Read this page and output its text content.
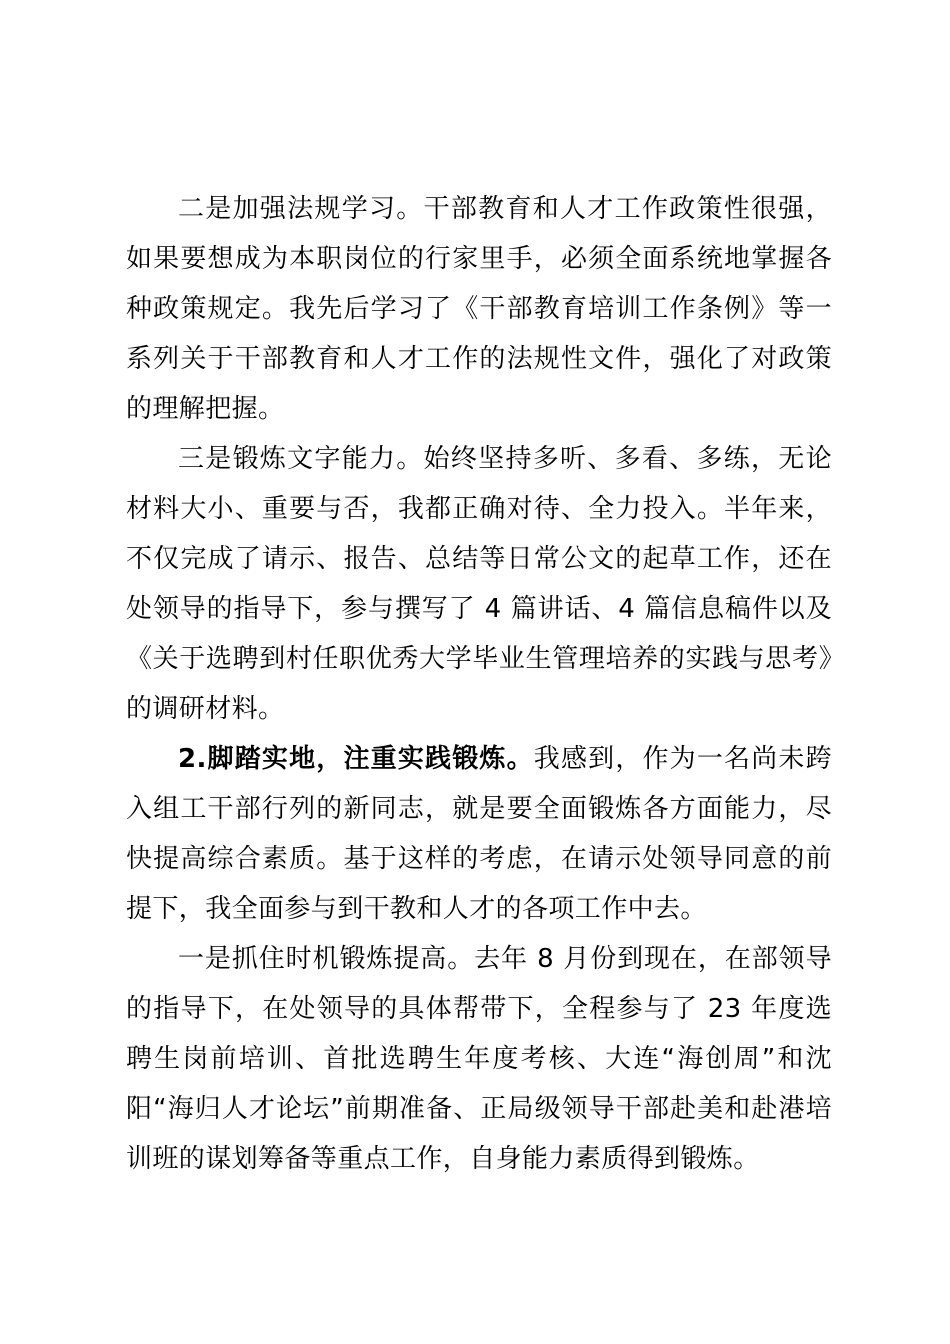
二是加强法规学习。干部教育和人才工作政策性很强，如果要想成为本职岗位的行家里手，必须全面系统地掌握各种政策规定。我先后学习了《干部教育培训工作条例》等一系列关于干部教育和人才工作的法规性文件，强化了对政策的理解把握。

三是锻炼文字能力。始终坚持多听、多看、多练，无论材料大小、重要与否，我都正确对待、全力投入。半年来，不仅完成了请示、报告、总结等日常公文的起草工作，还在处领导的指导下，参与撰写了 4 篇讲话、4 篇信息稿件以及《关于选聘到村任职优秀大学毕业生管理培养的实践与思考》的调研材料。

2.脚踏实地，注重实践锻炼。我感到，作为一名尚未跨入组工干部行列的新同志，就是要全面锻炼各方面能力，尽快提高综合素质。基于这样的考虑，在请示处领导同意的前提下，我全面参与到干教和人才的各项工作中去。

一是抓住时机锻炼提高。去年 8 月份到现在，在部领导的指导下，在处领导的具体帮带下，全程参与了 23 年度选聘生岗前培训、首批选聘生年度考核、大连“海创周”和沈阳“海归人才论坛”前期准备、正局级领导干部赴美和赴港培训班的谋划筹备等重点工作，自身能力素质得到锻炼。
